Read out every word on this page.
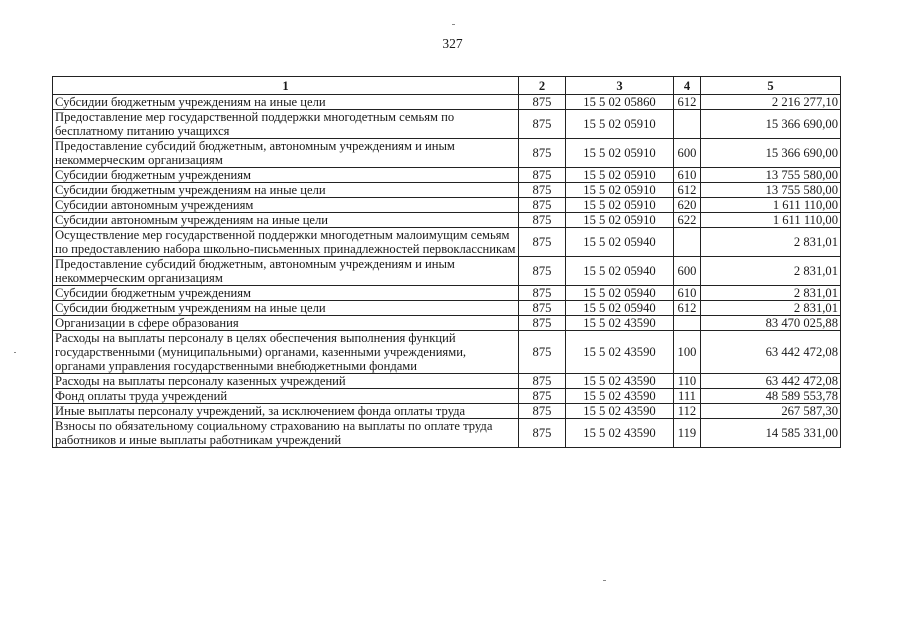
327
1	2	3	4	5
Субсидии бюджетным учреждениям на иные цели	875	15 5 02 05860	612	2 216 277,10
Предоставление мер государственной поддержки многодетным семьям по бесплатному питанию учащихся	875	15 5 02 05910		15 366 690,00
Предоставление субсидий бюджетным, автономным учреждениям и иным некоммерческим организациям	875	15 5 02 05910	600	15 366 690,00
Субсидии бюджетным учреждениям	875	15 5 02 05910	610	13 755 580,00
Субсидии бюджетным учреждениям на иные цели	875	15 5 02 05910	612	13 755 580,00
Субсидии автономным учреждениям	875	15 5 02 05910	620	1 611 110,00
Субсидии автономным учреждениям на иные цели	875	15 5 02 05910	622	1 611 110,00
Осуществление мер государственной поддержки многодетным малоимущим семьям по предоставлению набора школьно-письменных принадлежностей первоклассникам	875	15 5 02 05940		2 831,01
Предоставление субсидий бюджетным, автономным учреждениям и иным некоммерческим организациям	875	15 5 02 05940	600	2 831,01
Субсидии бюджетным учреждениям	875	15 5 02 05940	610	2 831,01
Субсидии бюджетным учреждениям на иные цели	875	15 5 02 05940	612	2 831,01
Организации в сфере образования	875	15 5 02 43590		83 470 025,88
Расходы на выплаты персоналу в целях обеспечения выполнения функций государственными (муниципальными) органами, казенными учреждениями, органами управления государственными внебюджетными фондами	875	15 5 02 43590	100	63 442 472,08
Расходы на выплаты персоналу казенных учреждений	875	15 5 02 43590	110	63 442 472,08
Фонд оплаты труда учреждений	875	15 5 02 43590	111	48 589 553,78
Иные выплаты персоналу учреждений, за исключением фонда оплаты труда	875	15 5 02 43590	112	267 587,30
Взносы по обязательному социальному страхованию на выплаты по оплате труда работников и иные выплаты работникам учреждений	875	15 5 02 43590	119	14 585 331,00
